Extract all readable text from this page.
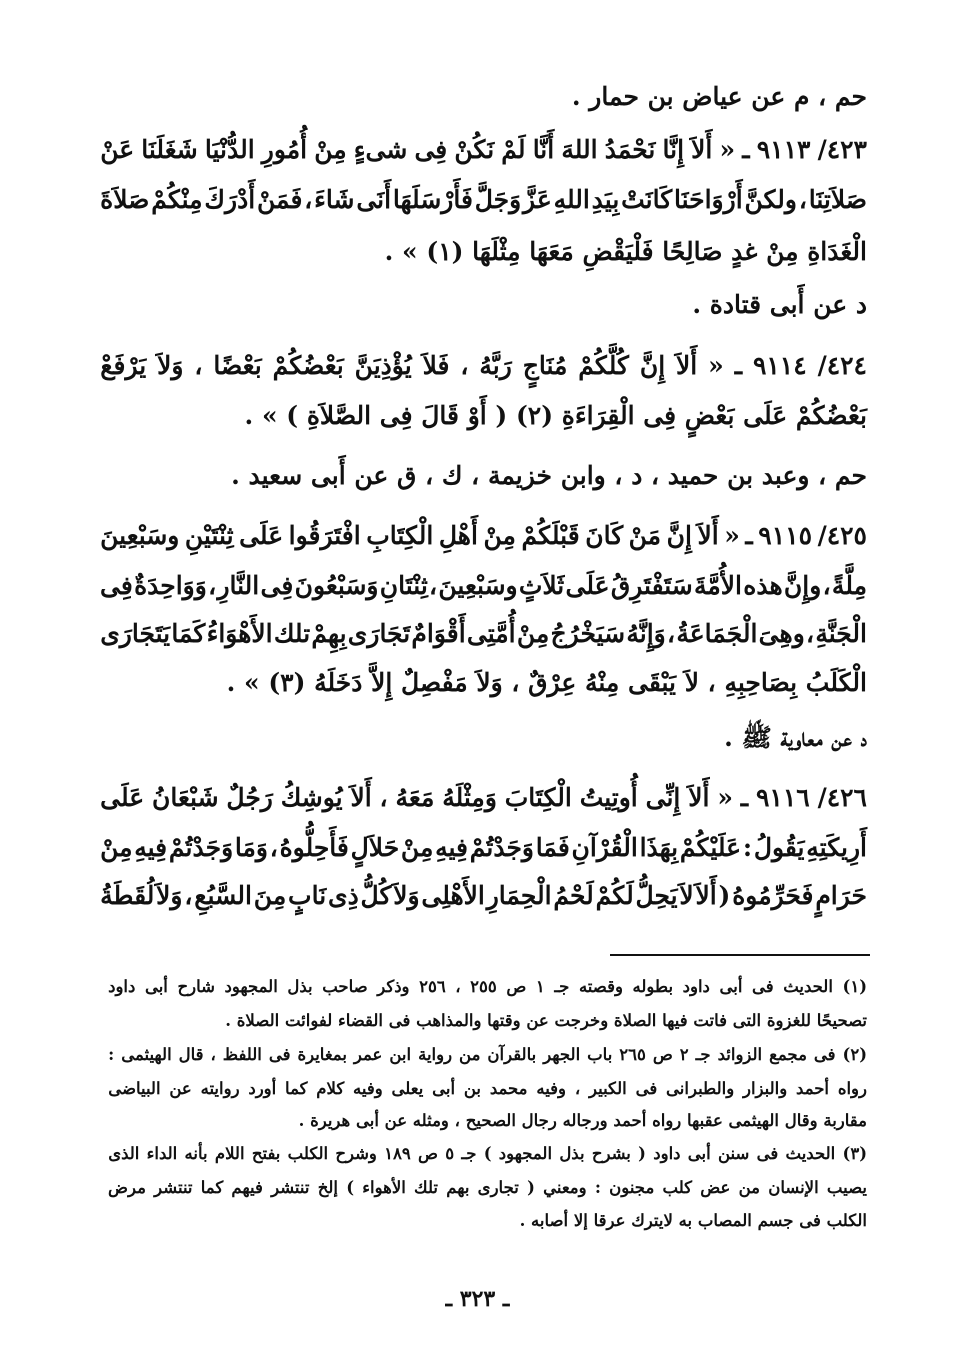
حم ، م عن عياض بن حمار .
٤٢٣/
٩١١٣
ـ
«
أَلاَ
إِنَّا
نَحْمَدُ
اللهَ
أَنَّا
لَمْ
نَكُنْ
فِى
شىءٍ
مِنْ
أُمُورِ
الدُّنْيَا
شَغَلَنَا
عَنْ
صَلاَتِنَا
،
ولكنَّ
أَرْوَاحَنَا
كَانَتْ
بِيَدِ
اللهِ
عَزَّ
وَجَلَّ
فَأَرْسَلَهَا
أَنَى
شَاءَ
،
فَمَنْ
أَدْرَكَ
مِنْكُمْ
صَلاَةَ
الْغَدَاةِ مِنْ غدٍ صَالِحًا فَلْيَقْضِ مَعَهَا مِثْلَهَا (١) » .
د عن أَبى قتادة .
٤٢٤/
٩١١٤
ـ
«
أَلاَ
إِنَّ
كُلَّكُمْ
مُنَاجٍ
رَبَّهُ
،
فَلاَ
يُؤْذِيَنَّ
بَعْضُكُمْ
بَعْضًا
،
وَلاَ
يَرْفَعْ
بَعْضُكُمْ عَلَى بَعْضٍ فِى الْقِرَاءَةِ (٢) ( أَوْ قَالَ فِى الصَّلاَةِ ) » .
حم ، وعبد بن حميد ، د ، وابن خزيمة ، ك ، ق عن أَبى سعيد .
٤٢٥/
٩١١٥
ـ
«
أَلاَ
إِنَّ
مَنْ
كَانَ
قَبْلَكُمْ
مِنْ
أَهْلِ
الْكِتَابِ
افْتَرَقُوا
عَلَى
ثِنْتَيْنِ
وسَبْعِينَ
مِلَّةً
،
وإِنَّ
هذه
الأُمَّةَ
سَتَفْتَرِقُ
عَلَى
ثَلاَثٍ
وسَبْعِينَ
،
ثِنْتَانِ
وَسَبْعُونَ
فِى
النَّارِ
،
وَوَاحِدَةٌ
فِى
الْجَنَّةِ
،
وهِىَ
الْجَمَاعَةُ
،
وَإِنَّهُ
سَيَخْرُجُ
مِنْ
أُمَّتِى
أَقْوَامٌ
تَجَارَى
بِهِمْ
تلك
الأَهْوَاءُ
كَمَا
يَتَجَارَى
الْكَلَبُ بِصَاحِبِهِ ، لاَ يَبْقَى مِنْهُ عِرْقٌ ، وَلاَ مَفْصِلٌ إِلاَّ دَخَلَهُ (٣) » .
د عن معاوية ﷺ .
٤٢٦/
٩١١٦
ـ
«
أَلاَ
إِنِّى
أُوتِيتُ
الْكِتَابَ
وَمِثْلَهُ
مَعَهُ
،
أَلاَ
يُوشِكُ
رَجُلٌ
شَبْعَانُ
عَلَى
أَرِيكَتِهِ
يَقُولُ
:
عَلَيْكُمْ
بِهَذَا
الْقُرْآنِ
فَمَا
وَجَدْتُمْ
فِيهِ
مِنْ
حَلاَلٍ
فَأَحِلُّوهُ
،
وَمَا
وَجَدْتُمْ
فِيهِ
مِنْ
حَرَامٍ
فَحَرِّمُوهُ
(
أَلاَ
لاَ
يَحِلُّ
لَكُمْ
لَحْمُ
الْحِمَارِ
الأَهْلِى
وَلاَ
كُلُّ
ذِى
نَابٍ
مِنَ
السَّبُعِ
،
وَلاَ
لُقَطَةُ
(١)
الحديث
فى
أبى
داود
بطوله
وقصته
جـ
١
ص
٢٥٥
،
٢٥٦
وذكر
صاحب
بذل
المجهود
شارح
أبى
داود
تصحيحًا للغزوة التى فاتت فيها الصلاة وخرجت عن وقتها والمذاهب فى القضاء لفوائت الصلاة .
(٢)
فى
مجمع
الزوائد
جـ
٢
ص
٢٦٥
باب
الجهر
بالقرآن
من
رواية
ابن
عمر
بمغايرة
فى
اللفظ
،
قال
الهيثمى
:
رواه
أحمد
والبزار
والطبرانى
فى
الكبير
،
وفيه
محمد
بن
أبى
يعلى
وفيه
كلام
كما
أورد
روايته
عن
البياضى
مقاربة وقال الهيثمى عقبها رواه أحمد ورجاله رجال الصحيح ، ومثله عن أبى هريرة .
(٣)
الحديث
فى
سنن
أبى
داود
(
بشرح
بذل
المجهود
)
جـ
٥
ص
١٨٩
وشرح
الكلب
بفتح
اللام
بأنه
الداء
الذى
يصيب
الإنسان
من
عض
كلب
مجنون
:
ومعني
(
تجارى
بهم
تلك
الأهواء
)
إلخ
تنتشر
فيهم
كما
تنتشر
مرض
الكلب فى جسم المصاب به لايترك عرقا إلا أصابه .
ـ ٣٢٣ ـ
